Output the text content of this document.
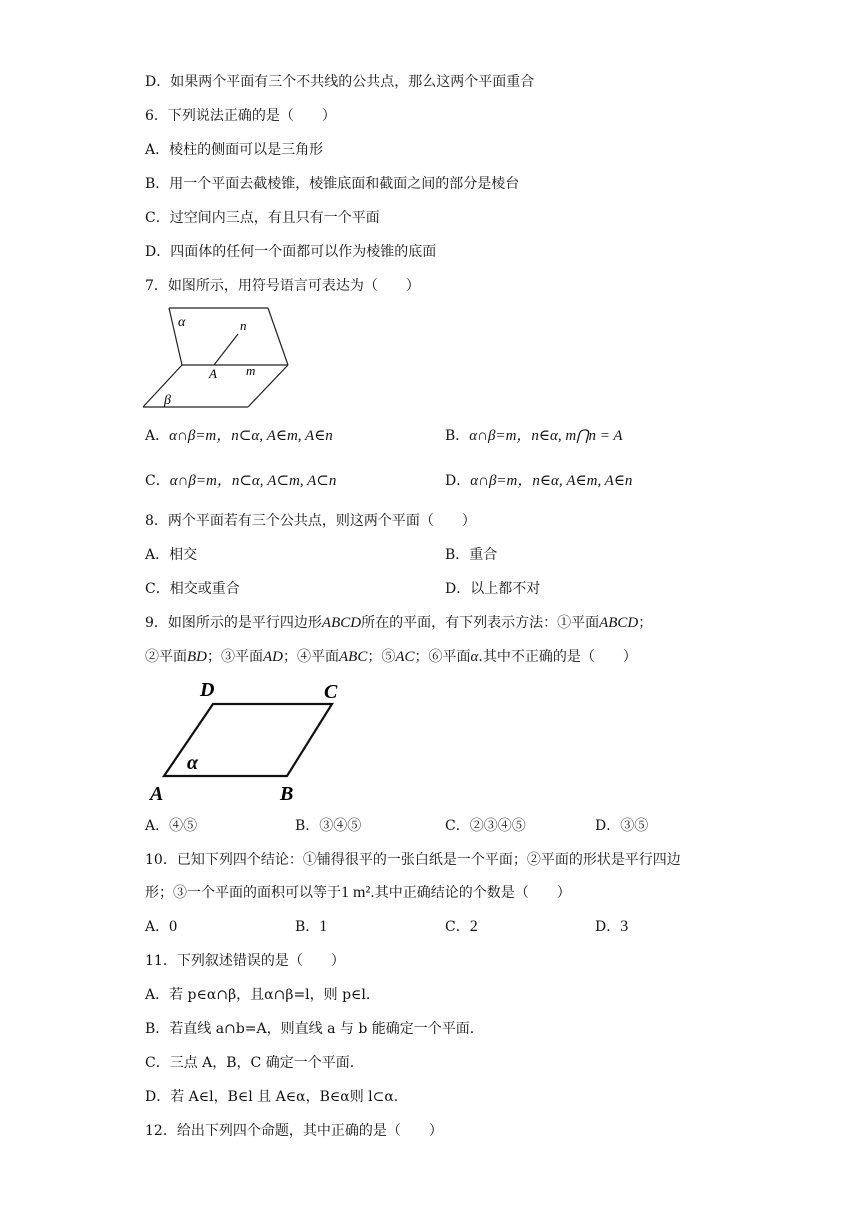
D．如果两个平面有三个不共线的公共点，那么这两个平面重合
6．下列说法正确的是（　　）
A．棱柱的侧面可以是三角形
B．用一个平面去截棱锥，棱锥底面和截面之间的部分是棱台
C．过空间内三点，有且只有一个平面
D．四面体的任何一个面都可以作为棱锥的底面
7．如图所示，用符号语言可表达为（　　）
α	n
A m
β
A．α∩β=m，n⊂α, A∈m, A∈n	B．α∩β=m，n∈α, m⋂n = A
C．α∩β=m，n⊂α, A⊂m, A⊂n	D．α∩β=m，n∈α, A∈m, A∈n
8．两个平面若有三个公共点，则这两个平面（　　）
A．相交	B．重合
C．相交或重合	D．以上都不对
9．如图所示的是平行四边形ABCD所在的平面，有下列表示方法：①平面ABCD；
②平面BD；③平面AD；④平面ABC；⑤AC；⑥平面α.其中不正确的是（　　）
D	C
α
A	B
A．④⑤	B．③④⑤	C．②③④⑤	D．③⑤
10．已知下列四个结论：①铺得很平的一张白纸是一个平面；②平面的形状是平行四边
形；③一个平面的面积可以等于1 m².其中正确结论的个数是（　　）
A．0	B．1	C．2	D．3
11．下列叙述错误的是（　　）
A．若 p∈α∩β，且α∩β=l，则 p∈l.
B．若直线 a∩b=A，则直线 a 与 b 能确定一个平面.
C．三点 A，B，C 确定一个平面.
D．若 A∈l，B∈l 且 A∈α，B∈α则 l⊂α.
12．给出下列四个命题，其中正确的是（　　）
